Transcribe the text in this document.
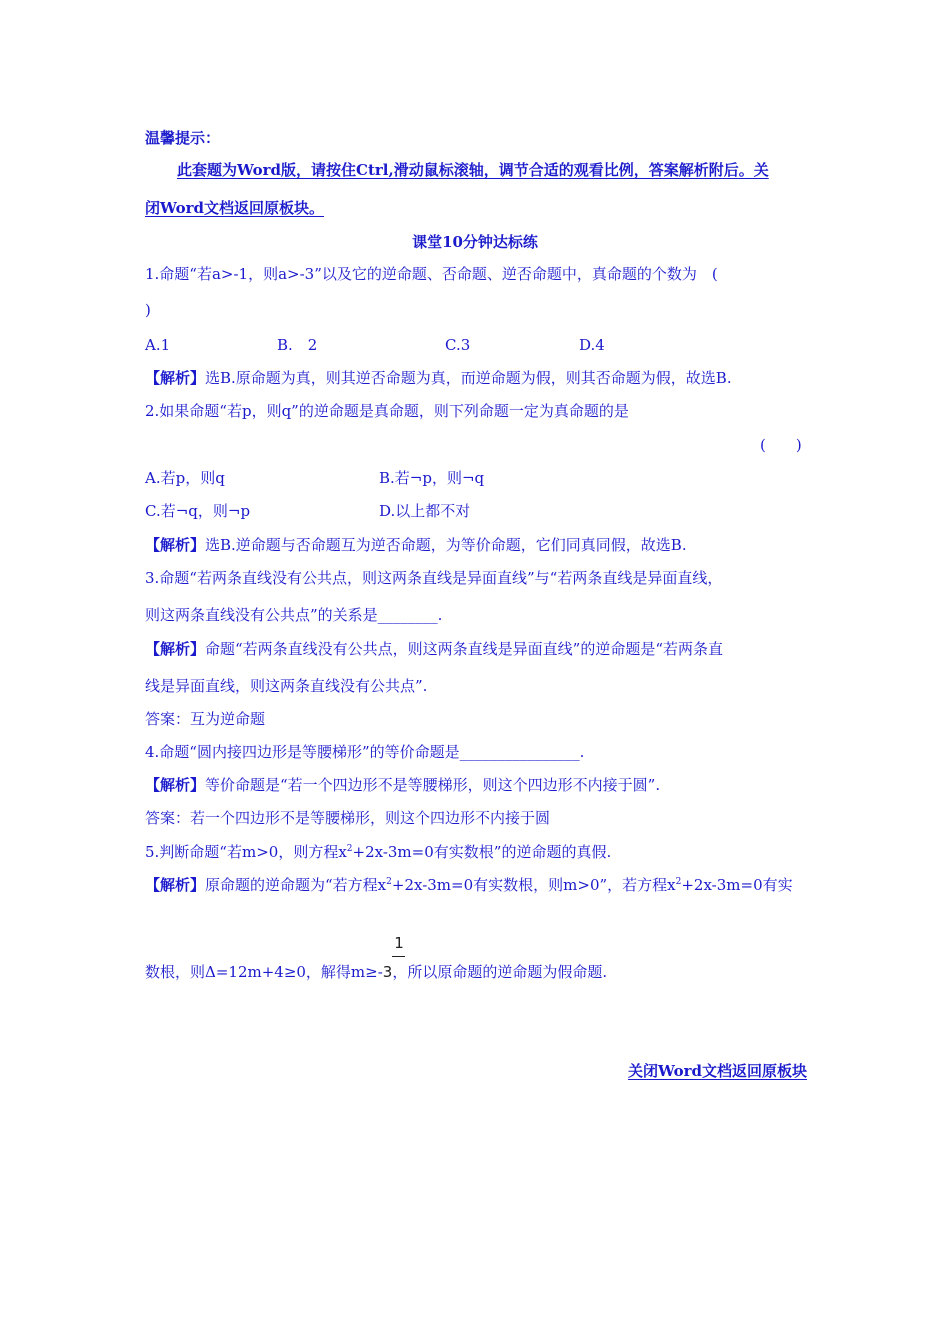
温馨提示：
此套题为Word版，请按住Ctrl,滑动鼠标滚轴，调节合适的观看比例，答案解析附后。关
闭Word文档返回原板块。
课堂10分钟达标练
1.命题“若a>-1，则a>-3”以及它的逆命题、否命题、逆否命题中，真命题的个数为　(
)
A.1	B.　2	C.3	D.4
【解析】选B.原命题为真，则其逆否命题为真，而逆命题为假，则其否命题为假，故选B.
2.如果命题“若p，则q”的逆命题是真命题，则下列命题一定为真命题的是
(　　)
A.若p，则q	B.若¬p，则¬q
C.若¬q，则¬p	D.以上都不对
【解析】选B.逆命题与否命题互为逆否命题，为等价命题，它们同真同假，故选B.
3.命题“若两条直线没有公共点，则这两条直线是异面直线”与“若两条直线是异面直线，
则这两条直线没有公共点”的关系是________.
【解析】命题“若两条直线没有公共点，则这两条直线是异面直线”的逆命题是“若两条直
线是异面直线，则这两条直线没有公共点”.
答案：互为逆命题
4.命题“圆内接四边形是等腰梯形”的等价命题是________________.
【解析】等价命题是“若一个四边形不是等腰梯形，则这个四边形不内接于圆”.
答案：若一个四边形不是等腰梯形，则这个四边形不内接于圆
5.判断命题“若m>0，则方程$x^2+2x-3m=0$有实数根”的逆命题的真假.
【解析】原命题的逆命题为“若方程$x^2+2x-3m=0$有实数根，则m>0”，若方程$x^2+2x-3m=0$有实
1
数根，则Δ=12m+4≥0，解得m≥-3，所以原命题的逆命题为假命题.
关闭Word文档返回原板块
